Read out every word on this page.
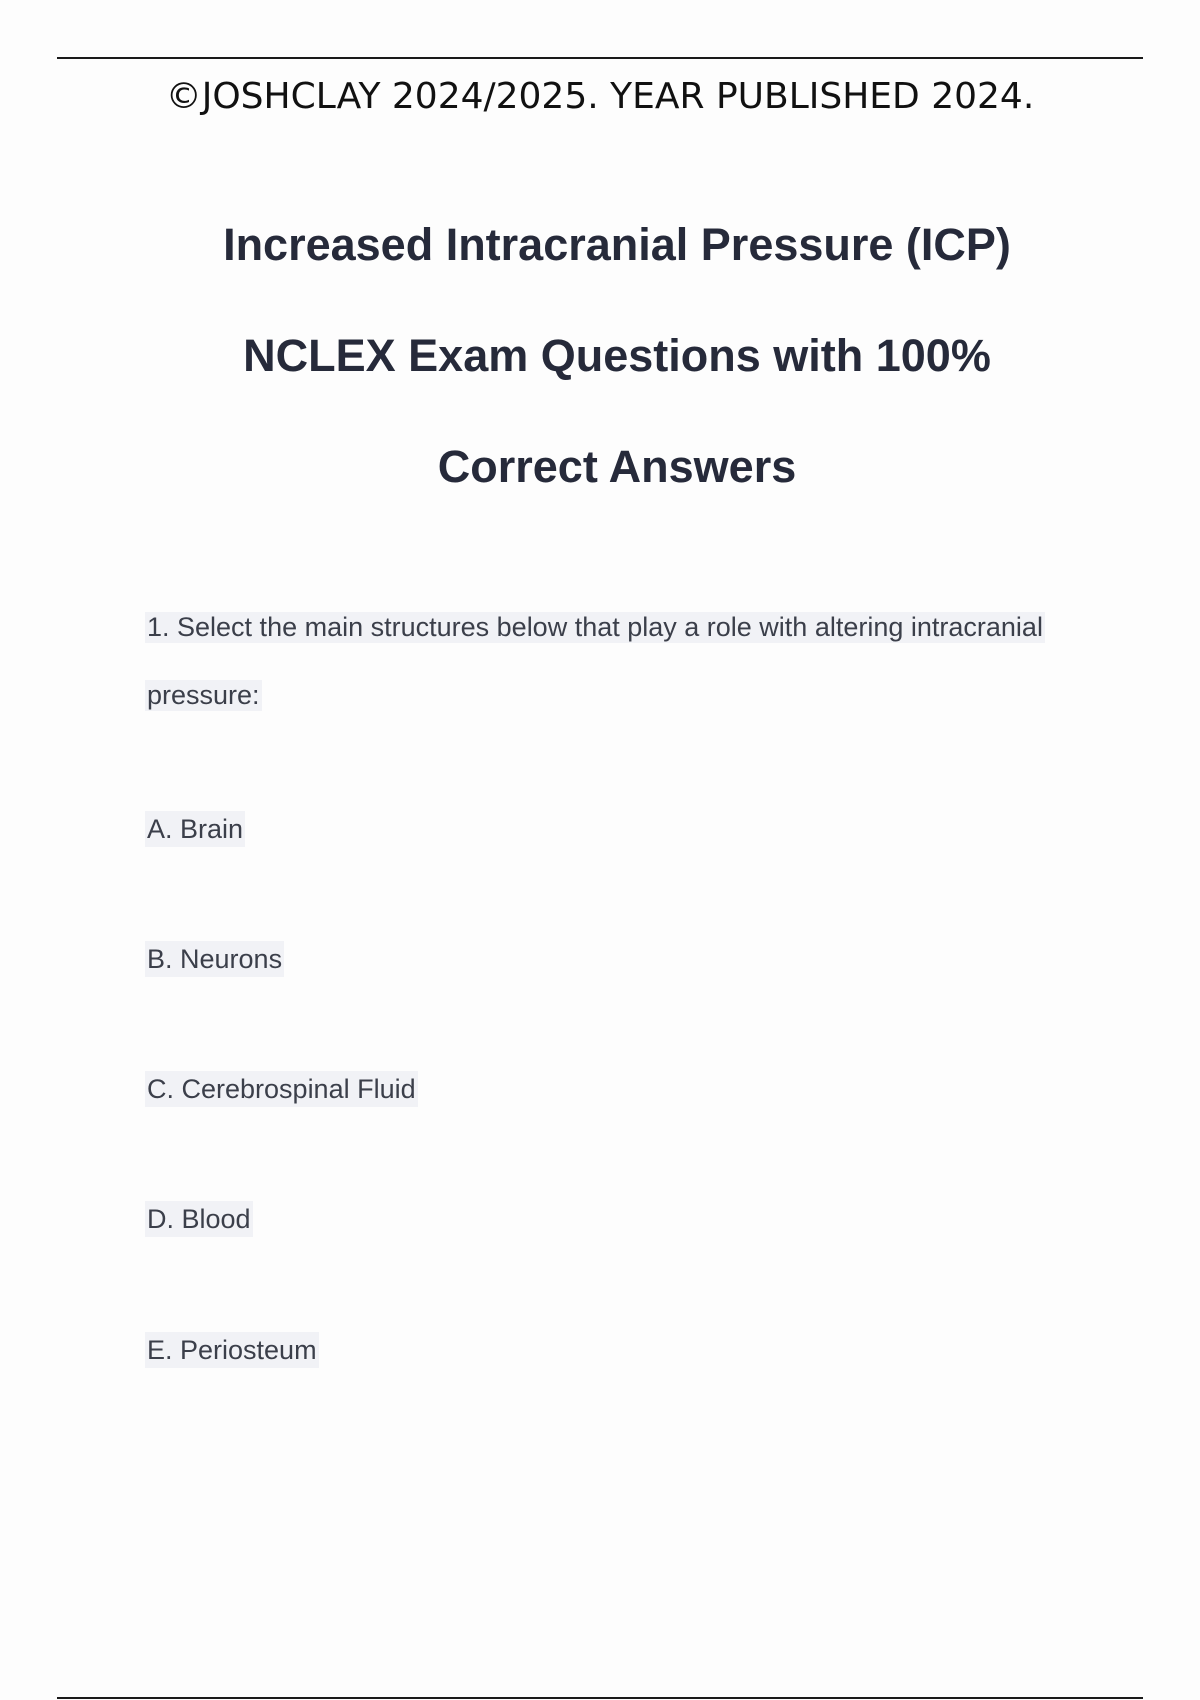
©JOSHCLAY 2024/2025. YEAR PUBLISHED 2024.
Increased Intracranial Pressure (ICP)
NCLEX Exam Questions with 100%
Correct Answers
1. Select the main structures below that play a role with altering intracranial
pressure:
A. Brain
B. Neurons
C. Cerebrospinal Fluid
D. Blood
E. Periosteum
